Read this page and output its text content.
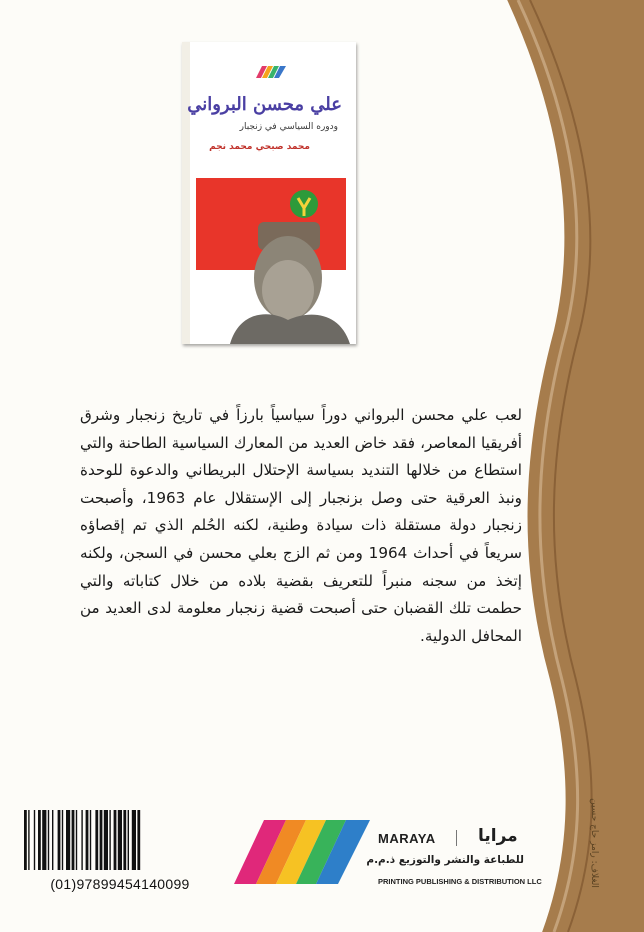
علي محسن البرواني
ودوره السياسي في زنجبار
محمد صبحي محمد نجم

لعب علي محسن البرواني دوراً سياسياً بارزاً في تاريخ زنجبار وشرق أفريقيا المعاصر، فقد خاض العديد من المعارك السياسية الطاحنة والتي استطاع من خلالها التنديد بسياسة الإحتلال البريطاني والدعوة للوحدة ونبذ العرقية حتى وصل بزنجبار إلى الإستقلال عام 1963، وأصبحت زنجبار دولة مستقلة ذات سيادة وطنية، لكنه الحُلم الذي تم إقصاؤه سريعاً في أحداث 1964 ومن ثم الزج بعلي محسن في السجن، ولكنه إتخذ من سجنه منبراً للتعريف بقضية بلاده من خلال كتاباته والتي حطمت تلك القضبان حتى أصبحت قضية زنجبار معلومة لدى العديد من المحافل الدولية.

(01)97899454140099
MARAYA مرايا
للطباعة والنشر والتوزيع ذ.م.م
PRINTING PUBLISHING & DISTRIBUTION LLC	الغلاف: رامز حاج حسين
